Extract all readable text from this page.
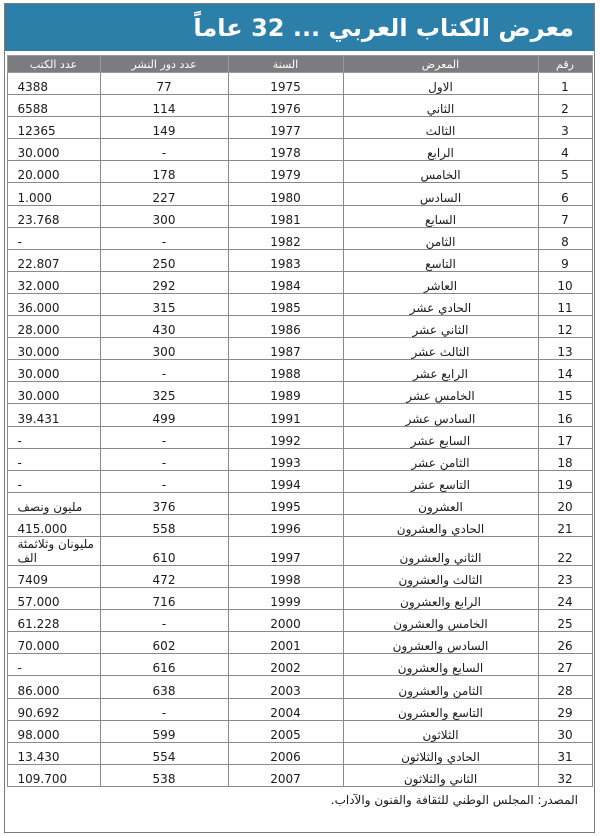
معرض الكتاب العربي ... 32 عاماً
رقم	المعرض	السنة	عدد دور النشر	عدد الكتب
1	الاول	1975	77	4388
2	الثاني	1976	114	6588
3	الثالث	1977	149	12365
4	الرابع	1978	-	30.000
5	الخامس	1979	178	20.000
6	السادس	1980	227	1.000
7	السابع	1981	300	23.768
8	الثامن	1982	-	-
9	التاسع	1983	250	22.807
10	العاشر	1984	292	32.000
11	الحادي عشر	1985	315	36.000
12	الثاني عشر	1986	430	28.000
13	الثالث عشر	1987	300	30.000
14	الرابع عشر	1988	-	30.000
15	الخامس عشر	1989	325	30.000
16	السادس عشر	1991	499	39.431
17	السابع عشر	1992	-	-
18	الثامن عشر	1993	-	-
19	التاسع عشر	1994	-	-
20	العشرون	1995	376	مليون ونصف
21	الحادي والعشرون	1996	558	415.000
22	الثاني والعشرون	1997	610	مليونان وثلاثمئة الف
23	الثالث والعشرون	1998	472	7409
24	الرابع والعشرون	1999	716	57.000
25	الخامس والعشرون	2000	-	61.228
26	السادس والعشرون	2001	602	70.000
27	السابع والعشرون	2002	616	-
28	الثامن والعشرون	2003	638	86.000
29	التاسع والعشرون	2004	-	90.692
30	الثلاثون	2005	599	98.000
31	الحادي والثلاثون	2006	554	13.430
32	الثاني والثلاثون	2007	538	109.700
المصدر: المجلس الوطني للثقافة والفنون والآداب.
